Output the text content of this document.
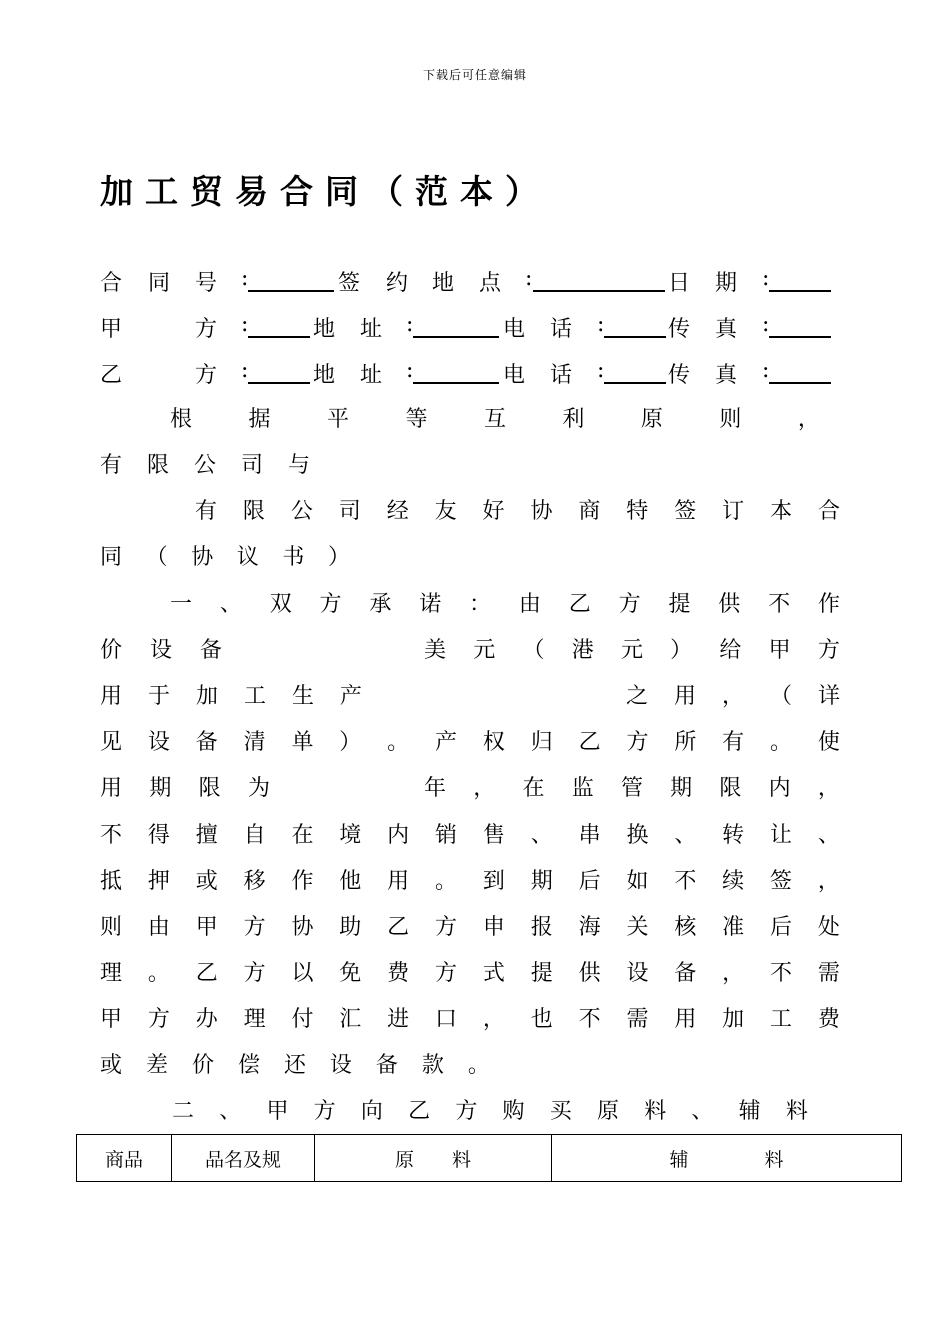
下载后可任意编辑
加工贸易合同（范本）
合 同 号 :	签 约 地 点 :	日 期 :
甲	方 :	地 址 :	电 话 :	传 真 :
乙	方 :	地 址 :	电 话 :	传 真 :
根	据	平	等	互	利	原	则	，
有 限 公 司 与
有 限 公 司 经 友 好 协 商 特 签 订 本 合
同 （ 协 议 书 ）
一 、 双 方 承 诺 ： 由 乙 方 提 供 不 作
价 设 备	美 元 （ 港 元 ） 给 甲 方
用 于 加 工 生 产	之 用 ， （ 详
见 设 备 清 单 ） 。 产 权 归 乙 方 所 有 。 使
用 期 限 为	年 ， 在 监 管 期 限 内 ，
不 得 擅 自 在 境 内 销 售 、 串 换 、 转 让 、
抵 押 或 移 作 他 用 。 到 期 后 如 不 续 签 ，
则 由 甲 方 协 助 乙 方 申 报 海 关 核 准 后 处
理 。 乙 方 以 免 费 方 式 提 供 设 备 ， 不 需
甲 方 办 理 付 汇 进 口 ， 也 不 需 用 加 工 费
或 差 价 偿 还 设 备 款 。
二 、 甲 方 向 乙 方 购 买 原 料 、 辅 料
商品	品名及规	原　　料	辅　　　　料
